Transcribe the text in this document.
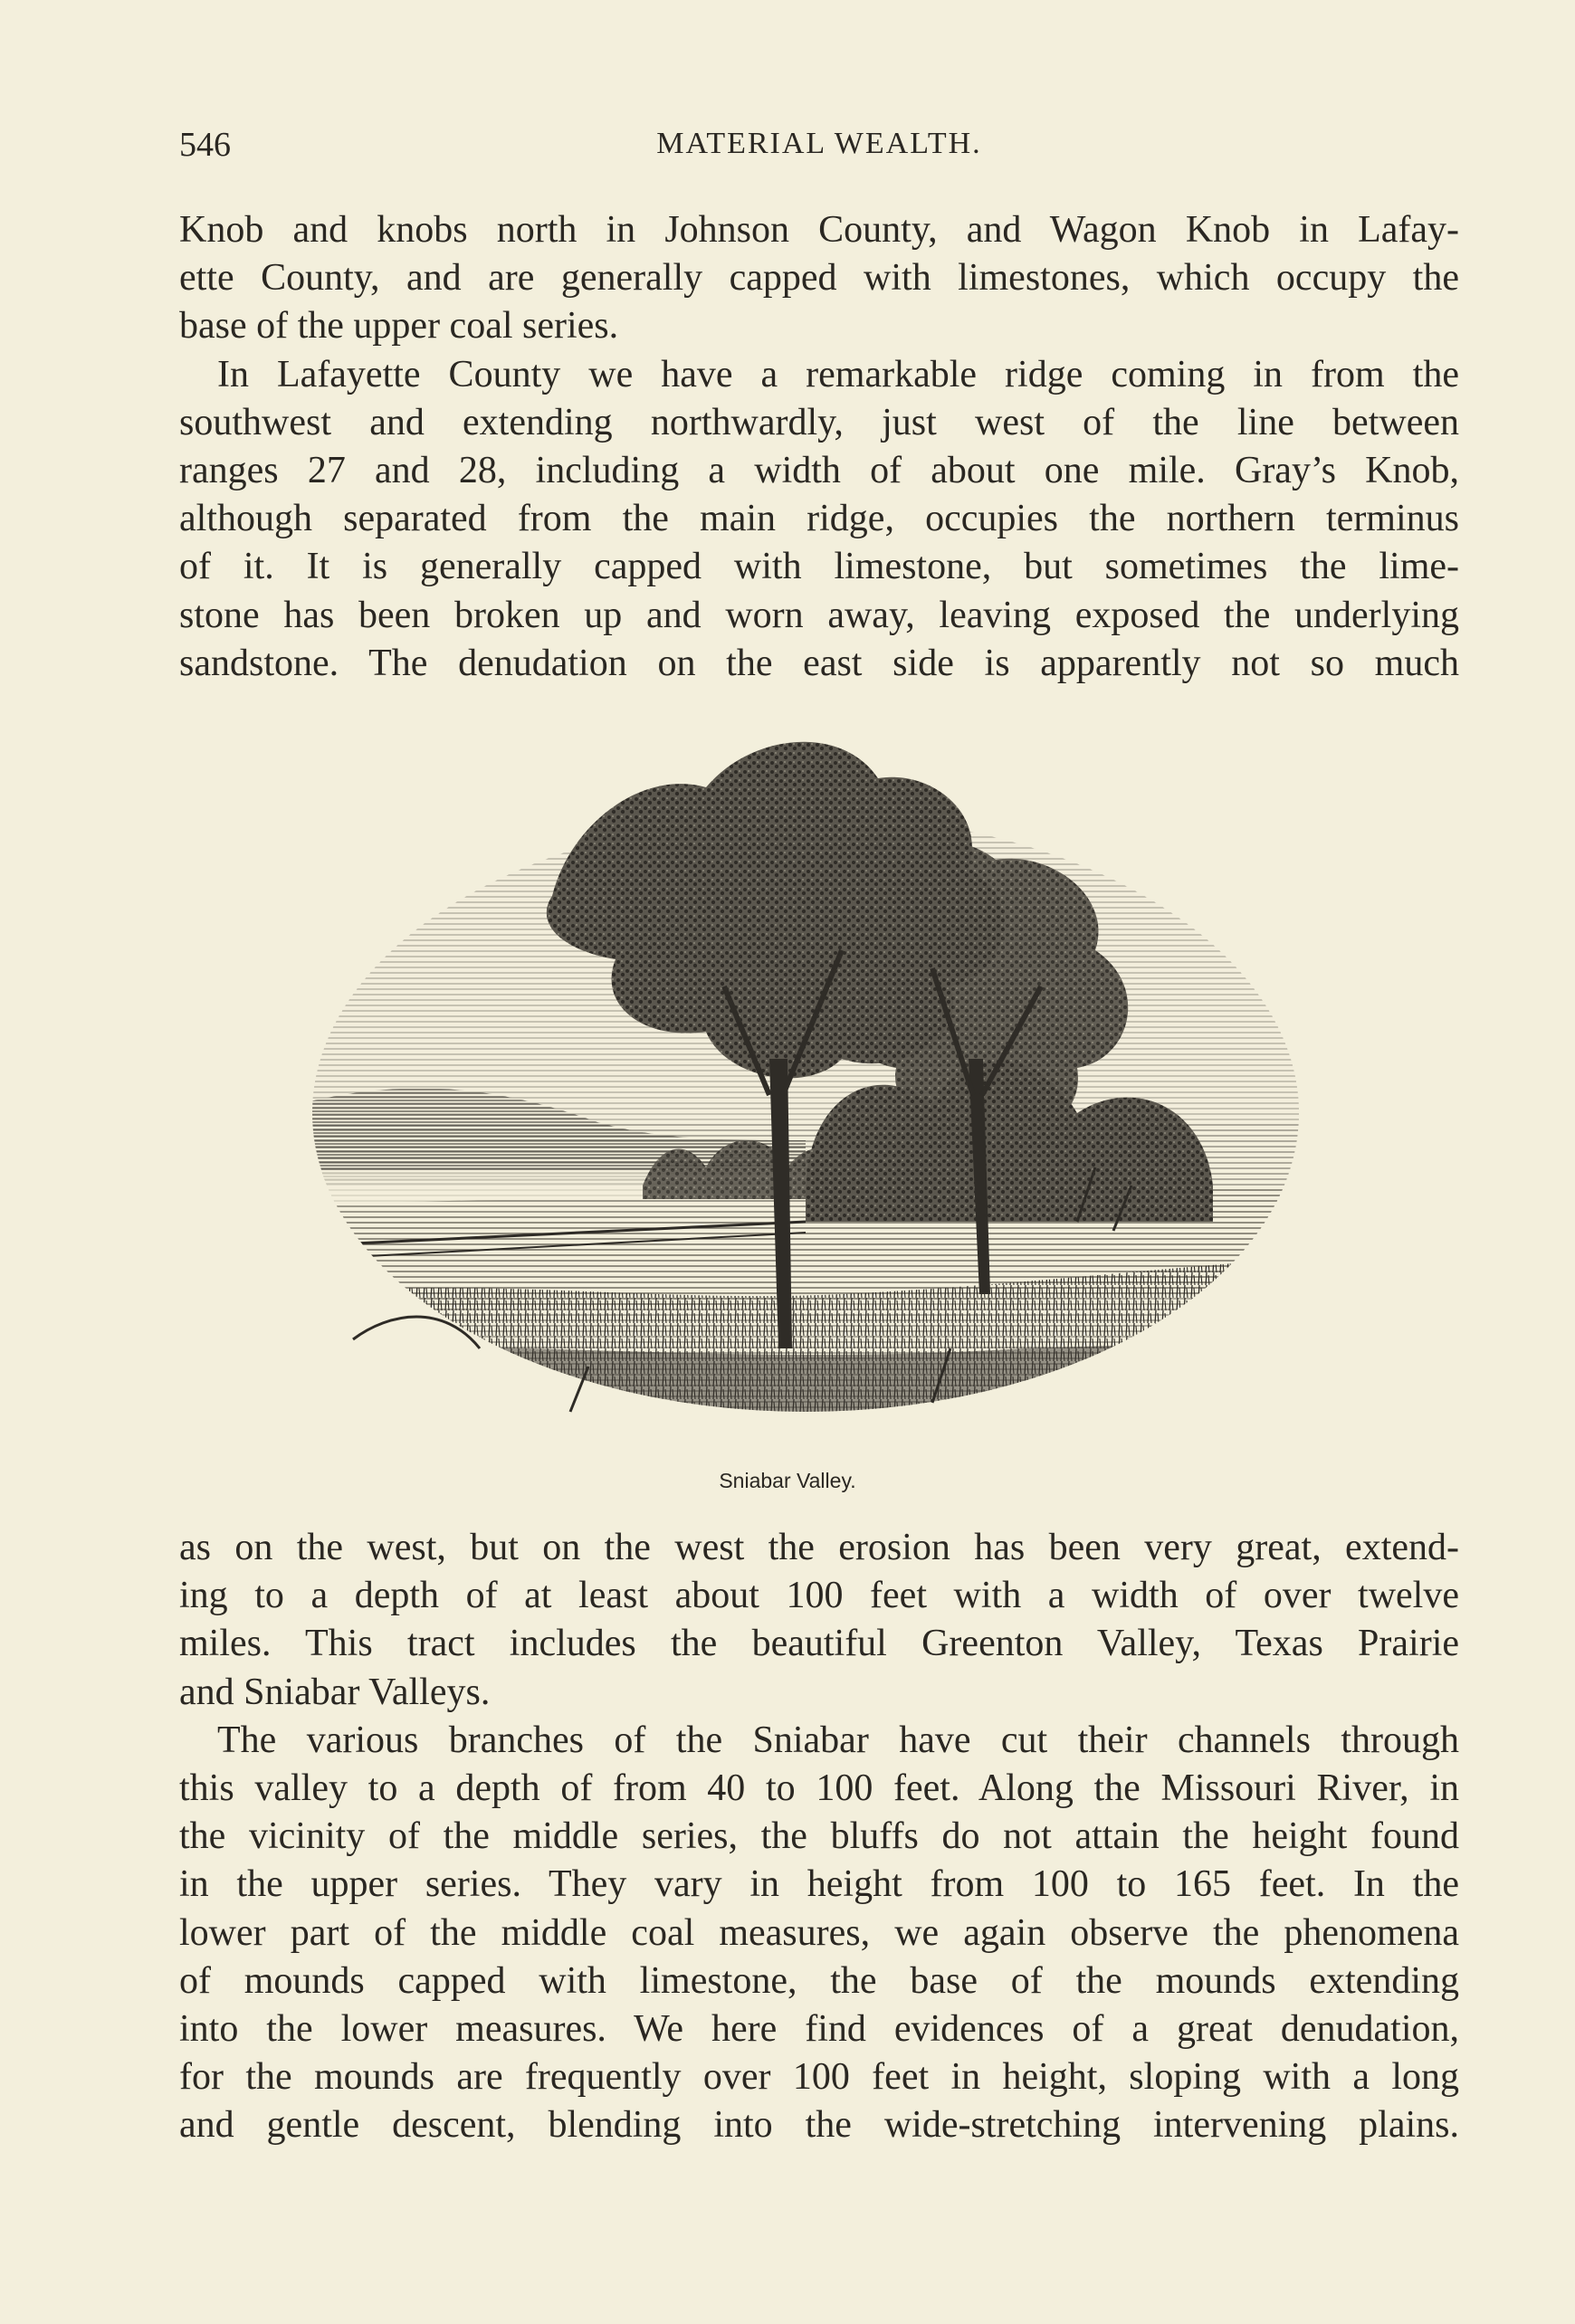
546	MATERIAL WEALTH.

Knob and knobs north in Johnson County, and Wagon Knob in Lafay-
ette County, and are generally capped with limestones, which occupy the
base of the upper coal series.

In Lafayette County we have a remarkable ridge coming in from the
southwest and extending northwardly, just west of the line between
ranges 27 and 28, including a width of about one mile. Gray’s Knob,
although separated from the main ridge, occupies the northern terminus
of it. It is generally capped with limestone, but sometimes the lime-
stone has been broken up and worn away, leaving exposed the underlying
sandstone. The denudation on the east side is apparently not so much

Sniabar Valley.

as on the west, but on the west the erosion has been very great, extend-
ing to a depth of at least about 100 feet with a width of over twelve
miles. This tract includes the beautiful Greenton Valley, Texas Prairie
and Sniabar Valleys.

The various branches of the Sniabar have cut their channels through
this valley to a depth of from 40 to 100 feet. Along the Missouri River, in
the vicinity of the middle series, the bluffs do not attain the height found
in the upper series. They vary in height from 100 to 165 feet. In the
lower part of the middle coal measures, we again observe the phenomena
of mounds capped with limestone, the base of the mounds extending
into the lower measures. We here find evidences of a great denudation,
for the mounds are frequently over 100 feet in height, sloping with a long
and gentle descent, blending into the wide-stretching intervening plains.
